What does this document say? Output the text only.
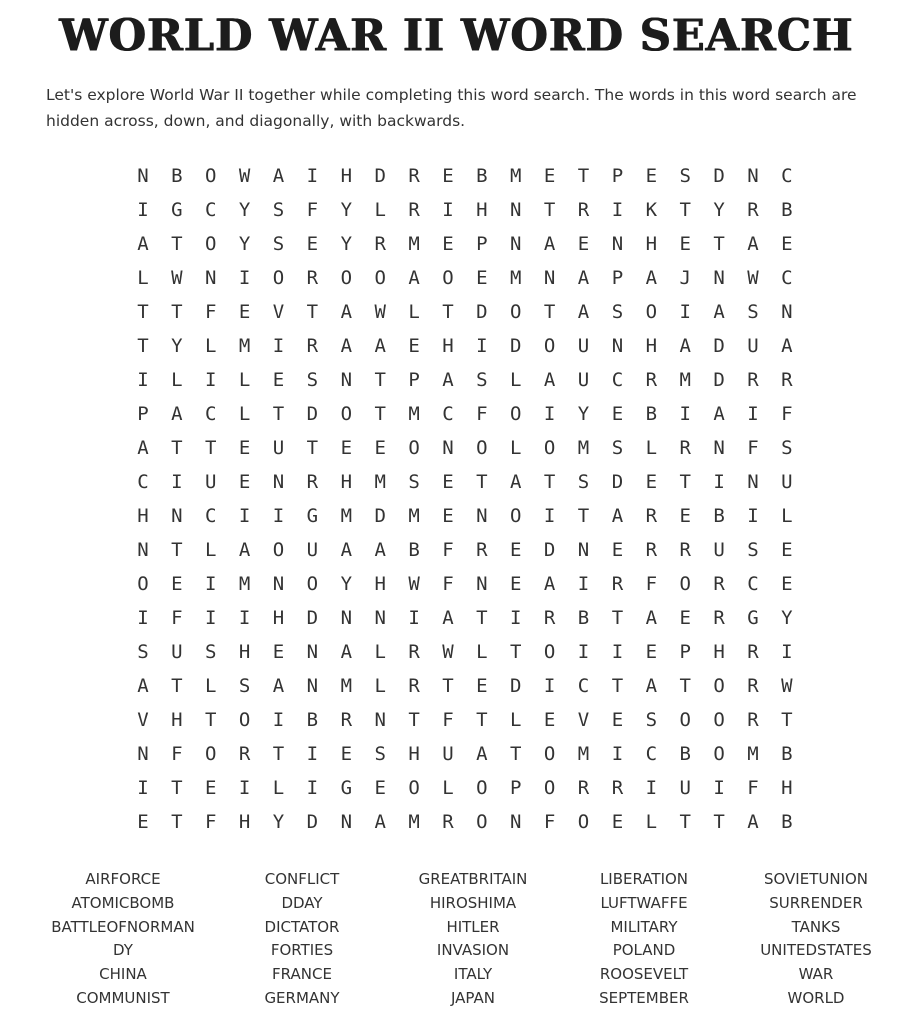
WORLD WAR II WORD SEARCH
Let's explore World War II together while completing this word search. The words in this word search are hidden across, down, and diagonally, with backwards.
N	B	O	W	A	I	H	D	R	E	B	M	E	T	P	E	S	D	N	C
I	G	C	Y	S	F	Y	L	R	I	H	N	T	R	I	K	T	Y	R	B
A	T	O	Y	S	E	Y	R	M	E	P	N	A	E	N	H	E	T	A	E
L	W	N	I	O	R	O	O	A	O	E	M	N	A	P	A	J	N	W	C
T	T	F	E	V	T	A	W	L	T	D	O	T	A	S	O	I	A	S	N
T	Y	L	M	I	R	A	A	E	H	I	D	O	U	N	H	A	D	U	A
I	L	I	L	E	S	N	T	P	A	S	L	A	U	C	R	M	D	R	R
P	A	C	L	T	D	O	T	M	C	F	O	I	Y	E	B	I	A	I	F
A	T	T	E	U	T	E	E	O	N	O	L	O	M	S	L	R	N	F	S
C	I	U	E	N	R	H	M	S	E	T	A	T	S	D	E	T	I	N	U
H	N	C	I	I	G	M	D	M	E	N	O	I	T	A	R	E	B	I	L
N	T	L	A	O	U	A	A	B	F	R	E	D	N	E	R	R	U	S	E
O	E	I	M	N	O	Y	H	W	F	N	E	A	I	R	F	O	R	C	E
I	F	I	I	H	D	N	N	I	A	T	I	R	B	T	A	E	R	G	Y
S	U	S	H	E	N	A	L	R	W	L	T	O	I	I	E	P	H	R	I
A	T	L	S	A	N	M	L	R	T	E	D	I	C	T	A	T	O	R	W
V	H	T	O	I	B	R	N	T	F	T	L	E	V	E	S	O	O	R	T
N	F	O	R	T	I	E	S	H	U	A	T	O	M	I	C	B	O	M	B
I	T	E	I	L	I	G	E	O	L	O	P	O	R	R	I	U	I	F	H
E	T	F	H	Y	D	N	A	M	R	O	N	F	O	E	L	T	T	A	B
AIRFORCE	CONFLICT	GREATBRITAIN	LIBERATION	SOVIETUNION
ATOMICBOMB	DDAY	HIROSHIMA	LUFTWAFFE	SURRENDER
BATTLEOFNORMAN	DICTATOR	HITLER	MILITARY	TANKS
DY	FORTIES	INVASION	POLAND	UNITEDSTATES
CHINA	FRANCE	ITALY	ROOSEVELT	WAR
COMMUNIST	GERMANY	JAPAN	SEPTEMBER	WORLD
